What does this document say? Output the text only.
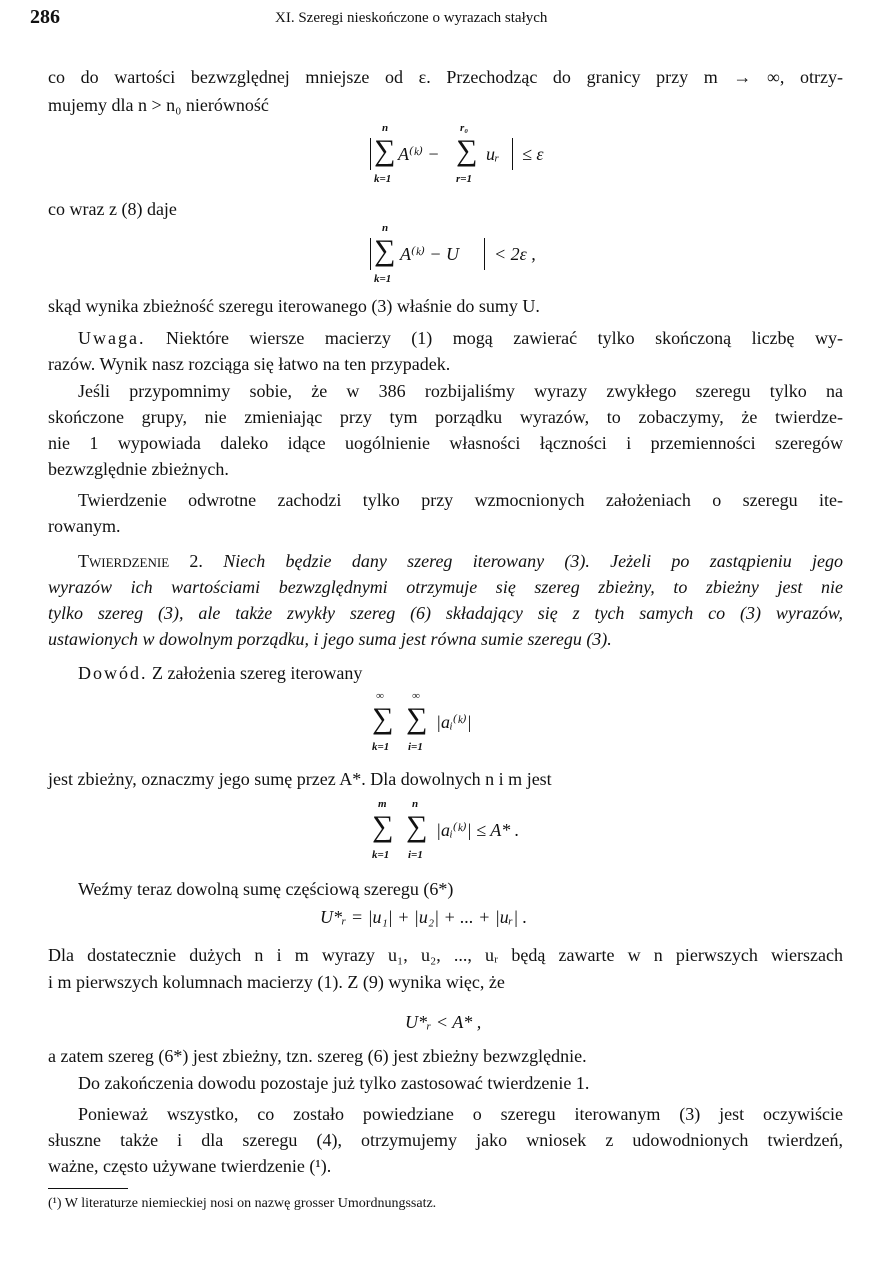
286	XI. Szeregi nieskończone o wyrazach stałych
co do wartości bezwzględnej mniejsze od ε. Przechodząc do granicy przy m → ∞, otrzy-
mujemy dla n > n₀ nierówność
n
∑
k=1
A⁽ᵏ⁾ −
r₀
∑
r=1
uᵣ ≤ ε
co wraz z (8) daje
n
∑
k=1
A⁽ᵏ⁾ − U < 2ε ,
skąd wynika zbieżność szeregu iterowanego (3) właśnie do sumy U.
Uwaga. Niektóre wiersze macierzy (1) mogą zawierać tylko skończoną liczbę wy-
razów. Wynik nasz rozciąga się łatwo na ten przypadek.
Jeśli przypomnimy sobie, że w 386 rozbijaliśmy wyrazy zwykłego szeregu tylko na
skończone grupy, nie zmieniając przy tym porządku wyrazów, to zobaczymy, że twierdze-
nie 1 wypowiada daleko idące uogólnienie własności łączności i przemienności szeregów
bezwzględnie zbieżnych.
Twierdzenie odwrotne zachodzi tylko przy wzmocnionych założeniach o szeregu ite-
rowanym.
Twierdzenie 2. Niech będzie dany szereg iterowany (3). Jeżeli po zastąpieniu jego
wyrazów ich wartościami bezwzględnymi otrzymuje się szereg zbieżny, to zbieżny jest nie
tylko szereg (3), ale także zwykły szereg (6) składający się z tych samych co (3) wyrazów,
ustawionych w dowolnym porządku, i jego suma jest równa sumie szeregu (3).
Dowód. Z założenia szereg iterowany
∞
∑
k=1
∞
∑
i=1
|aᵢ⁽ᵏ⁾|
jest zbieżny, oznaczmy jego sumę przez A*. Dla dowolnych n i m jest
m
∑
k=1
n
∑
i=1
|aᵢ⁽ᵏ⁾| ≤ A* .
Weźmy teraz dowolną sumę częściową szeregu (6*)
U*ᵣ = |u₁| + |u₂| + ... + |uᵣ| .
Dla dostatecznie dużych n i m wyrazy u₁, u₂, ..., uᵣ będą zawarte w n pierwszych wierszach
i m pierwszych kolumnach macierzy (1). Z (9) wynika więc, że
U*ᵣ < A* ,
a zatem szereg (6*) jest zbieżny, tzn. szereg (6) jest zbieżny bezwzględnie.
Do zakończenia dowodu pozostaje już tylko zastosować twierdzenie 1.
Ponieważ wszystko, co zostało powiedziane o szeregu iterowanym (3) jest oczywiście
słuszne także i dla szeregu (4), otrzymujemy jako wniosek z udowodnionych twierdzeń,
ważne, często używane twierdzenie (¹).
(¹) W literaturze niemieckiej nosi on nazwę grosser Umordnungssatz.
